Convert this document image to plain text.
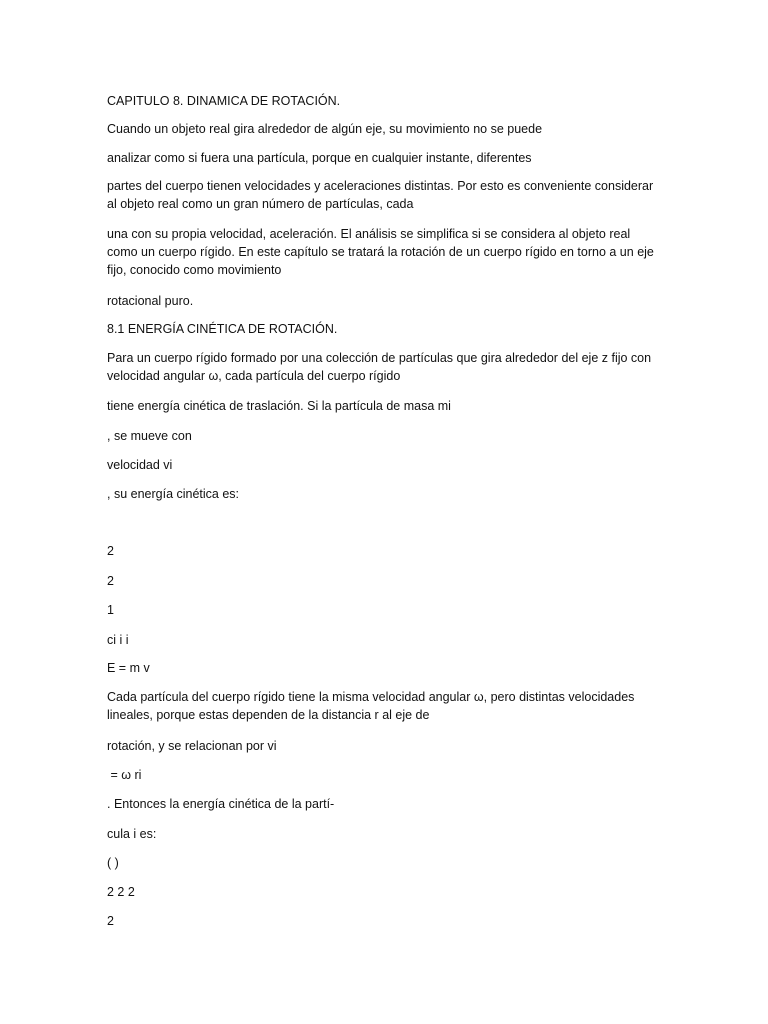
CAPITULO 8. DINAMICA DE ROTACIÓN.
Cuando un objeto real gira alrededor de algún eje, su movimiento no se puede
analizar como si fuera una partícula, porque en cualquier instante, diferentes
partes del cuerpo tienen velocidades y aceleraciones distintas. Por esto es conveniente considerar
al objeto real como un gran número de partículas, cada
una con su propia velocidad, aceleración. El análisis se simplifica si se considera al objeto real
como un cuerpo rígido. En este capítulo se tratará la rotación de un cuerpo rígido en torno a un eje
fijo, conocido como movimiento
rotacional puro.
8.1 ENERGÍA CINÉTICA DE ROTACIÓN.
Para un cuerpo rígido formado por una colección de partículas que gira alrededor del eje z fijo con
velocidad angular ω, cada partícula del cuerpo rígido
tiene energía cinética de traslación. Si la partícula de masa mi
, se mueve con
velocidad vi
, su energía cinética es:
2
2
1
ci i i
E = m v
Cada partícula del cuerpo rígido tiene la misma velocidad angular ω, pero distintas velocidades
lineales, porque estas dependen de la distancia r al eje de
rotación, y se relacionan por vi
= ω ri
. Entonces la energía cinética de la partí-
cula i es:
( )
2 2 2
2
